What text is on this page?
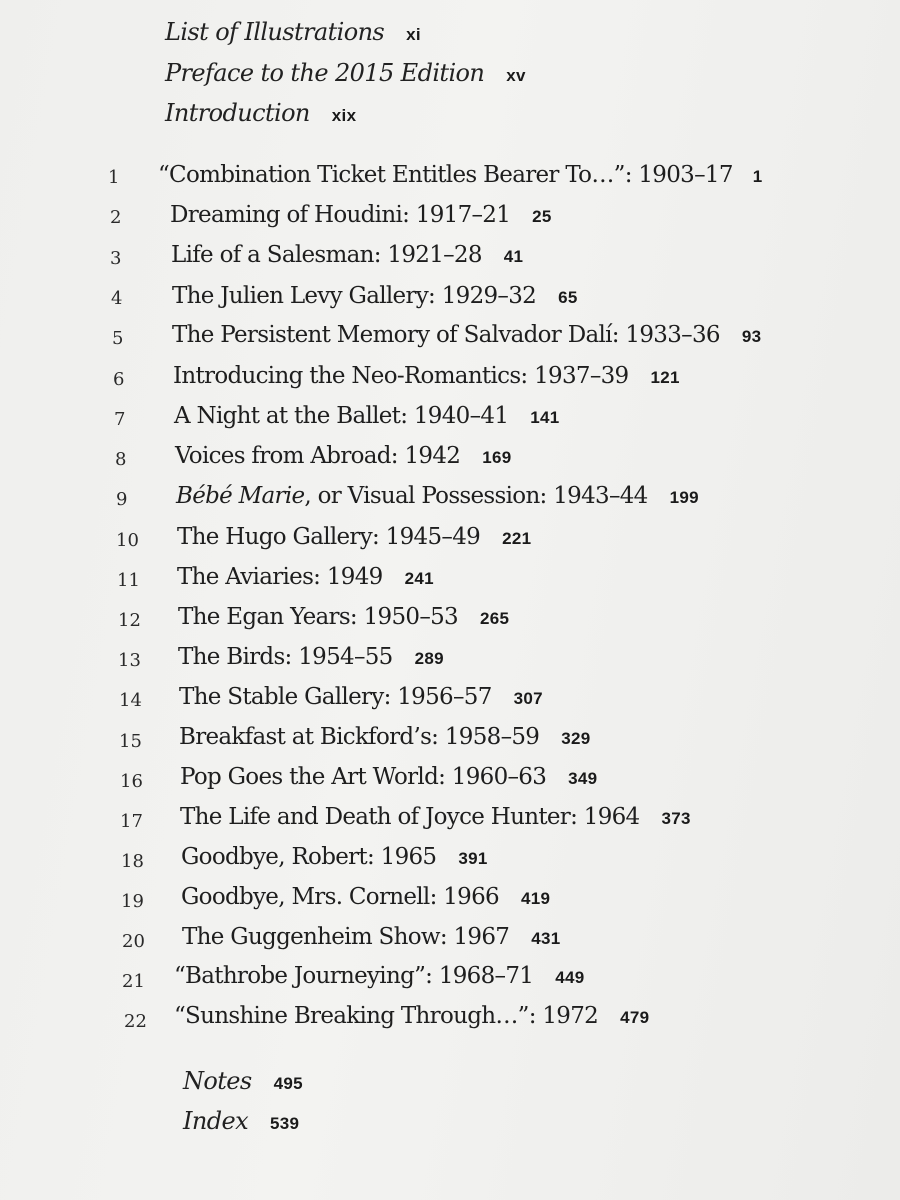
List of Illustrations xi
Preface to the 2015 Edition xv
Introduction xix
1	“Combination Ticket Entitles Bearer To…”: 1903–17 1
2	Dreaming of Houdini: 1917–21 25
3	Life of a Salesman: 1921–28 41
4	The Julien Levy Gallery: 1929–32 65
5	The Persistent Memory of Salvador Dalí: 1933–36 93
6	Introducing the Neo-Romantics: 1937–39 121
7	A Night at the Ballet: 1940–41 141
8	Voices from Abroad: 1942 169
9	Bébé Marie, or Visual Possession: 1943–44 199
10	The Hugo Gallery: 1945–49 221
11	The Aviaries: 1949 241
12	The Egan Years: 1950–53 265
13	The Birds: 1954–55 289
14	The Stable Gallery: 1956–57 307
15	Breakfast at Bickford’s: 1958–59 329
16	Pop Goes the Art World: 1960–63 349
17	The Life and Death of Joyce Hunter: 1964 373
18	Goodbye, Robert: 1965 391
19	Goodbye, Mrs. Cornell: 1966 419
20	The Guggenheim Show: 1967 431
21	“Bathrobe Journeying”: 1968–71 449
22	“Sunshine Breaking Through…”: 1972 479
Notes 495
Index 539
